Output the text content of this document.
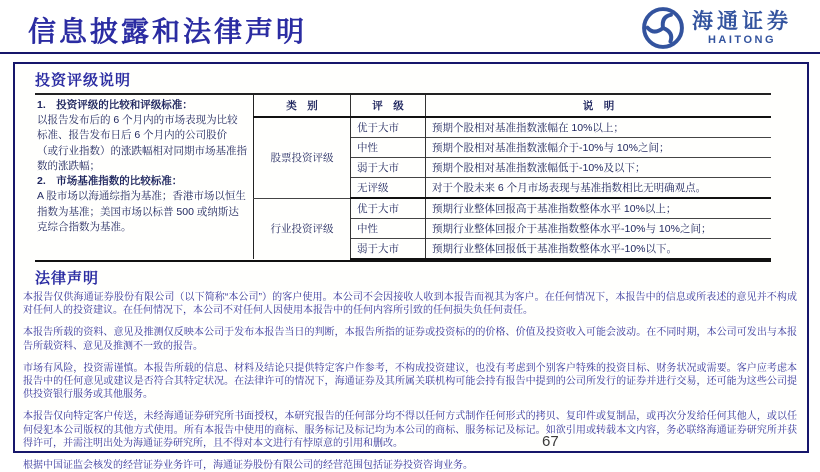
信息披露和法律声明	海通证券
HAITONG
投资评级说明

1.　投资评级的比较和评级标准：

以报告发布后的 6 个月内的市场表现为比较标准、报告发布日后 6 个月内的公司股价（或行业指数）的涨跌幅相对同期市场基准指数的涨跌幅；

2.　市场基准指数的比较标准：

A 股市场以海通综指为基准；香港市场以恒生指数为基准；美国市场以标普 500 或纳斯达克综合指数为基准。

类　别	评　级	说　明
股票投资评级	优于大市	预期个股相对基准指数涨幅在 10%以上；
	中性	预期个股相对基准指数涨幅介于-10%与 10%之间；
	弱于大市	预期个股相对基准指数涨幅低于-10%及以下；
	无评级	对于个股未来 6 个月市场表现与基准指数相比无明确观点。
行业投资评级	优于大市	预期行业整体回报高于基准指数整体水平 10%以上；
	中性	预期行业整体回报介于基准指数整体水平-10%与 10%之间；
	弱于大市	预期行业整体回报低于基准指数整体水平-10%以下。
法律声明

本报告仅供海通证券股份有限公司（以下简称“本公司”）的客户使用。本公司不会因接收人收到本报告而视其为客户。在任何情况下，本报告中的信息或所表述的意见并不构成对任何人的投资建议。在任何情况下，本公司不对任何人因使用本报告中的任何内容所引致的任何损失负任何责任。

本报告所载的资料、意见及推测仅反映本公司于发布本报告当日的判断，本报告所指的证券或投资标的的价格、价值及投资收入可能会波动。在不同时期，本公司可发出与本报告所载资料、意见及推测不一致的报告。

市场有风险，投资需谨慎。本报告所载的信息、材料及结论只提供特定客户作参考，不构成投资建议，也没有考虑到个别客户特殊的投资目标、财务状况或需要。客户应考虑本报告中的任何意见或建议是否符合其特定状况。在法律许可的情况下，海通证券及其所属关联机构可能会持有报告中提到的公司所发行的证券并进行交易，还可能为这些公司提供投资银行服务或其他服务。

本报告仅向特定客户传送，未经海通证券研究所书面授权，本研究报告的任何部分均不得以任何方式制作任何形式的拷贝、复印件或复制品，或再次分发给任何其他人，或以任何侵犯本公司版权的其他方式使用。所有本报告中使用的商标、服务标记及标记均为本公司的商标、服务标记及标记。如欲引用或转载本文内容，务必联络海通证券研究所并获得许可，并需注明出处为海通证券研究所，且不得对本文进行有悖原意的引用和删改。

根据中国证监会核发的经营证券业务许可，海通证券股份有限公司的经营范围包括证券投资咨询业务。

67
